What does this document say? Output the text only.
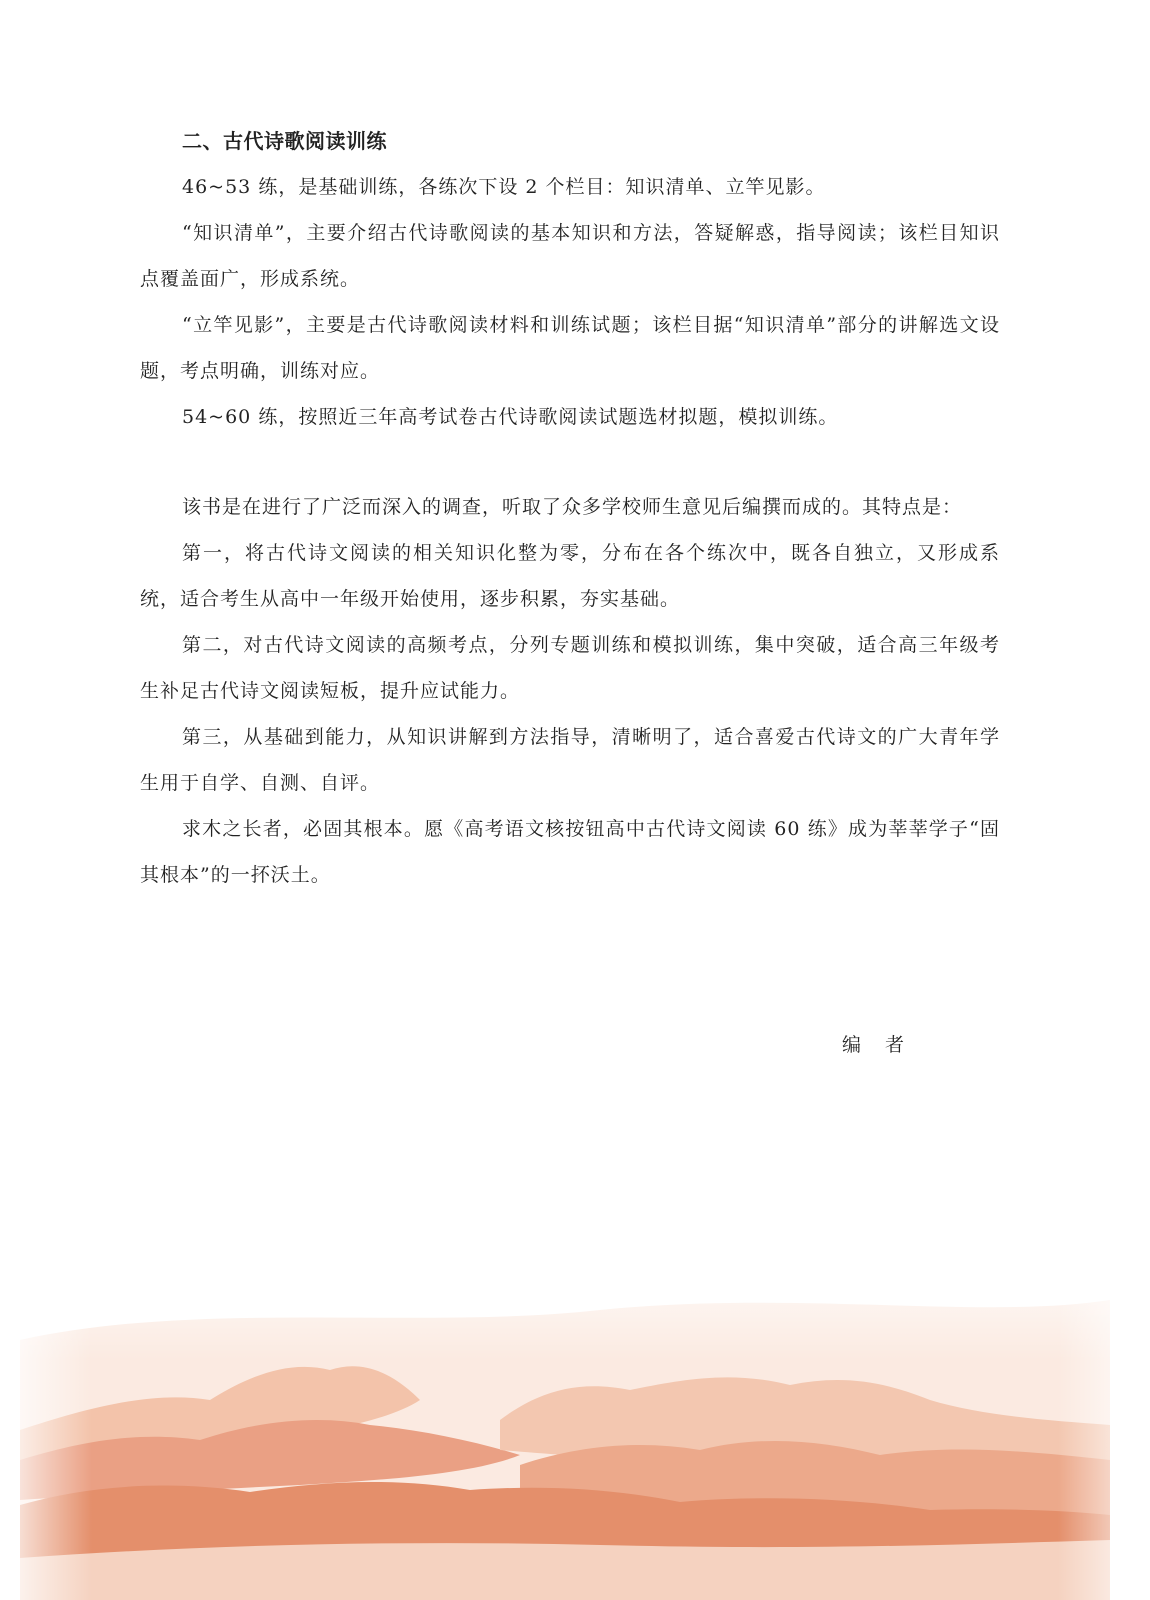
二、古代诗歌阅读训练

46~53 练，是基础训练，各练次下设 2 个栏目：知识清单、立竿见影。

“知识清单”，主要介绍古代诗歌阅读的基本知识和方法，答疑解惑，指导阅读；该栏目知识点覆盖面广，形成系统。

“立竿见影”，主要是古代诗歌阅读材料和训练试题；该栏目据“知识清单”部分的讲解选文设题，考点明确，训练对应。

54~60 练，按照近三年高考试卷古代诗歌阅读试题选材拟题，模拟训练。

该书是在进行了广泛而深入的调查，听取了众多学校师生意见后编撰而成的。其特点是：

第一，将古代诗文阅读的相关知识化整为零，分布在各个练次中，既各自独立，又形成系统，适合考生从高中一年级开始使用，逐步积累，夯实基础。

第二，对古代诗文阅读的高频考点，分列专题训练和模拟训练，集中突破，适合高三年级考生补足古代诗文阅读短板，提升应试能力。

第三，从基础到能力，从知识讲解到方法指导，清晰明了，适合喜爱古代诗文的广大青年学生用于自学、自测、自评。

求木之长者，必固其根本。愿《高考语文核按钮高中古代诗文阅读 60 练》成为莘莘学子“固其根本”的一抔沃土。

编者
